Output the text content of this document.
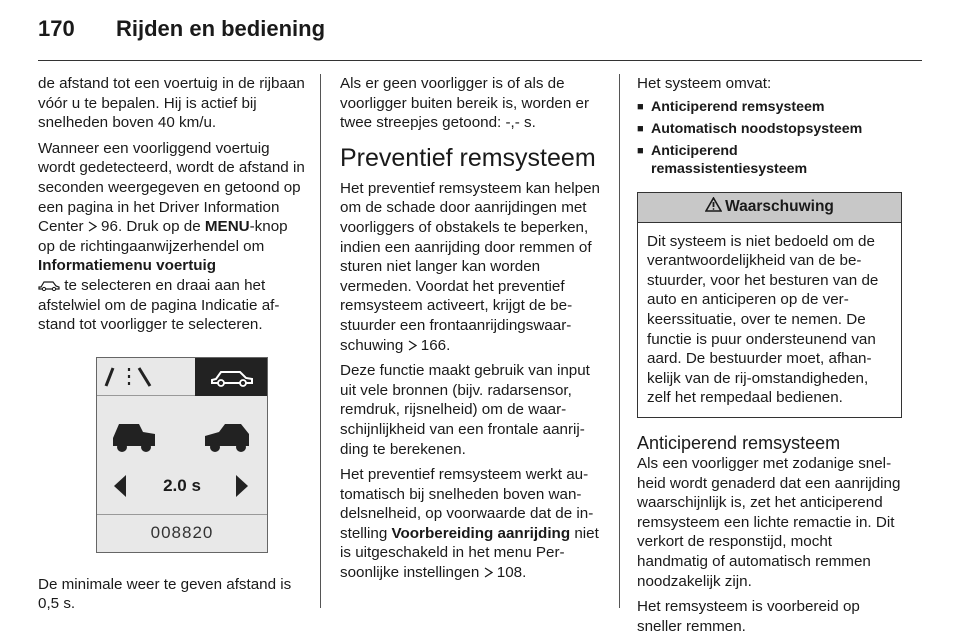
170	Rijden en bediening

de afstand tot een voertuig in de rijbaan vóór u te bepalen. Hij is actief bij snelheden boven 40 km/u.

Wanneer een voorliggend voertuig wordt gedetecteerd, wordt de afstand in seconden weergegeven en getoond op een pagina in het Driver Information Center  96. Druk op de MENU-knop op de richtingaanwijzerhendel om Informatiemenu voertuig
te selecteren en draai aan het afstelwiel om de pagina Indicatie afstand tot voorligger te selecteren.

2.0 s
008820

De minimale weer te geven afstand is 0,5 s.

Als er geen voorligger is of als de voorligger buiten bereik is, worden er twee streepjes getoond: -,- s.

Preventief remsysteem

Het preventief remsysteem kan helpen om de schade door aanrijdingen met voorliggers of obstakels te beperken, indien een aanrijding door remmen of sturen niet langer kan worden vermeden. Voordat het preventief remsysteem activeert, krijgt de bestuurder een frontaanrijdingswaarschuwing  166.

Deze functie maakt gebruik van input uit vele bronnen (bijv. radarsensor, remdruk, rijsnelheid) om de waarschijnlijkheid van een frontale aanrijding te berekenen.

Het preventief remsysteem werkt automatisch bij snelheden boven wandelsnelheid, op voorwaarde dat de instelling Voorbereiding aanrijding niet is uitgeschakeld in het menu Persoonlijke instellingen  108.

Het systeem omvat:

■ Anticiperend remsysteem
■ Automatisch noodstopsysteem
■ Anticiperend remassistentiesysteem
Waarschuwing
Dit systeem is niet bedoeld om de verantwoordelijkheid van de bestuurder, voor het besturen van de auto en anticiperen op de verkeerssituatie, over te nemen. De functie is puur ondersteunend van aard. De bestuurder moet, afhankelijk van de rij-omstandigheden, zelf het rempedaal bedienen.
Anticiperend remsysteem

Als een voorligger met zodanige snelheid wordt genaderd dat een aanrijding waarschijnlijk is, zet het anticiperend remsysteem een lichte remactie in. Dit verkort de responstijd, mocht handmatig of automatisch remmen noodzakelijk zijn.

Het remsysteem is voorbereid op sneller remmen.
